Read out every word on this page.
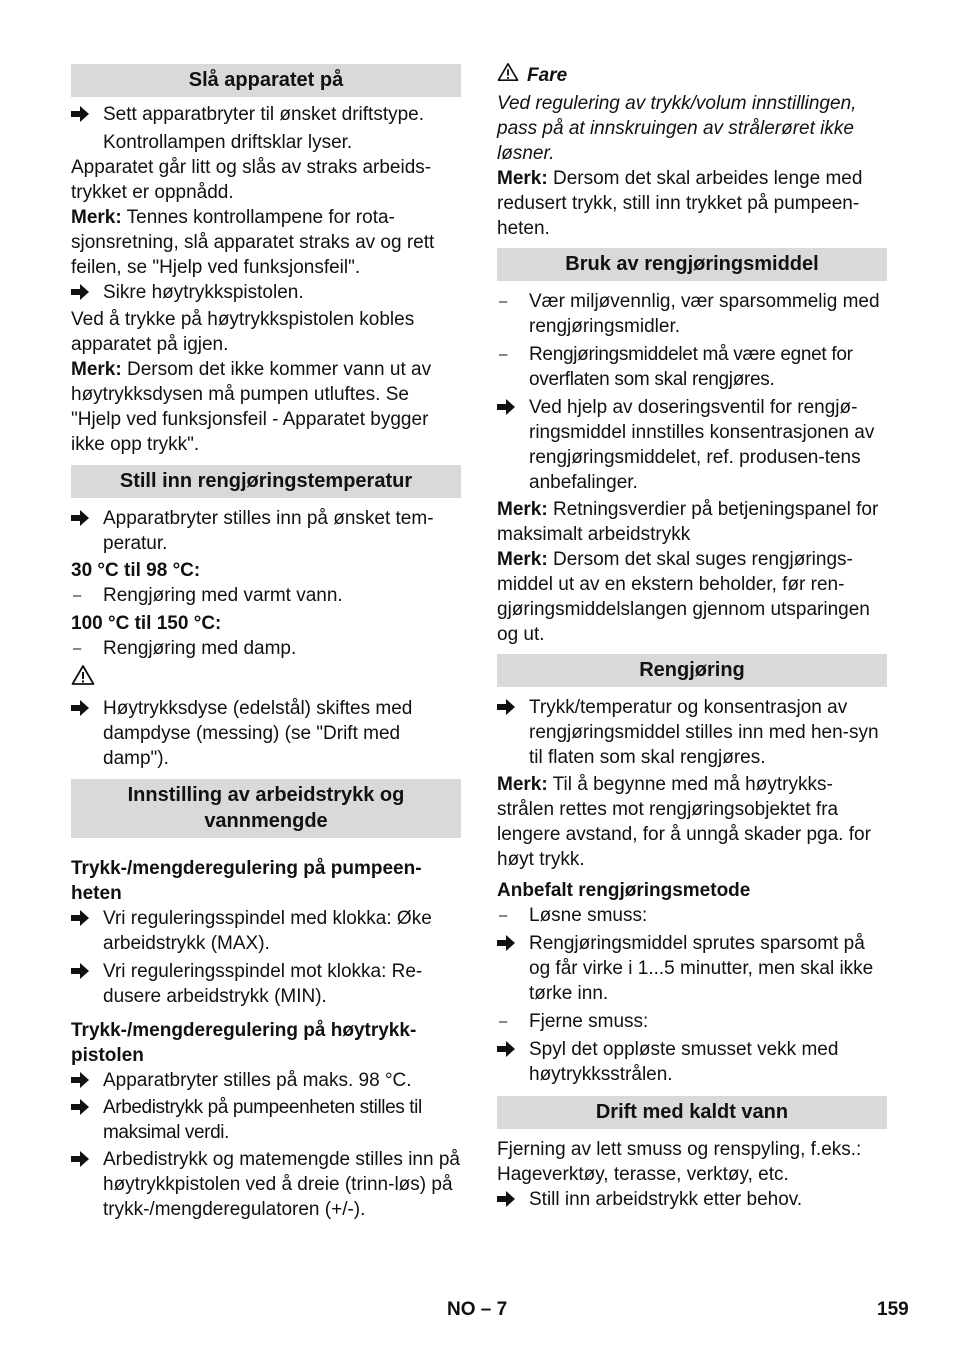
Slå apparatet på

Sett apparatbryter til ønsket driftstype.

Kontrollampen driftsklar lyser.

Apparatet går litt og slås av straks arbeids-trykket er oppnådd.

Merk: Tennes kontrollampene for rota-sjonsretning, slå apparatet straks av og rett feilen, se "Hjelp ved funksjonsfeil".

Sikre høytrykkspistolen.

Ved å trykke på høytrykkspistolen kobles apparatet på igjen.

Merk: Dersom det ikke kommer vann ut av høytrykksdysen må pumpen utluftes. Se "Hjelp ved funksjonsfeil - Apparatet bygger ikke opp trykk".

Still inn rengjøringstemperatur

Apparatbryter stilles inn på ønsket tem-peratur.

30 °C til 98 °C:

–	Rengjøring med varmt vann.

100 °C til 150 °C:

–	Rengjøring med damp.

Høytrykksdyse (edelstål) skiftes med dampdyse (messing) (se "Drift med damp").

Innstilling av arbeidstrykk og vannmengde

Trykk-/mengderegulering på pumpeen-heten

Vri reguleringsspindel med klokka: Øke arbeidstrykk (MAX).

Vri reguleringsspindel mot klokka: Re-dusere arbeidstrykk (MIN).

Trykk-/mengderegulering på høytrykk-pistolen

Apparatbryter stilles på maks. 98 °C.

Arbedistrykk på pumpeenheten stilles til maksimal verdi.

Arbedistrykk og matemengde stilles inn på høytrykkpistolen ved å dreie (trinn-løs) på trykk-/mengderegulatoren (+/-).

Fare

Ved regulering av trykk/volum innstillingen, pass på at innskruingen av strålerøret ikke løsner.

Merk: Dersom det skal arbeides lenge med redusert trykk, still inn trykket på pumpeen-heten.

Bruk av rengjøringsmiddel
–	Vær miljøvennlig, vær sparsommelig med rengjøringsmidler.

–	Rengjøringsmiddelet må være egnet for overflaten som skal rengjøres.

Ved hjelp av doseringsventil for rengjø-ringsmiddel innstilles konsentrasjonen av rengjøringsmiddelet, ref. produsen-tens anbefalinger.

Merk: Retningsverdier på betjeningspanel for maksimalt arbeidstrykk

Merk: Dersom det skal suges rengjørings-middel ut av en ekstern beholder, før ren-gjøringsmiddelslangen gjennom utsparingen og ut.

Rengjøring

Trykk/temperatur og konsentrasjon av rengjøringsmiddel stilles inn med hen-syn til flaten som skal rengjøres.

Merk: Til å begynne med må høytrykks-strålen rettes mot rengjøringsobjektet fra lengere avstand, for å unngå skader pga. for høyt trykk.

Anbefalt rengjøringsmetode

–	Løsne smuss:

Rengjøringsmiddel sprutes sparsomt på og får virke i 1...5 minutter, men skal ikke tørke inn.

–	Fjerne smuss:

Spyl det oppløste smusset vekk med høytrykksstrålen.

Drift med kaldt vann

Fjerning av lett smuss og renspyling, f.eks.: Hageverktøy, terasse, verktøy, etc.

Still inn arbeidstrykk etter behov.

NO – 7	159
